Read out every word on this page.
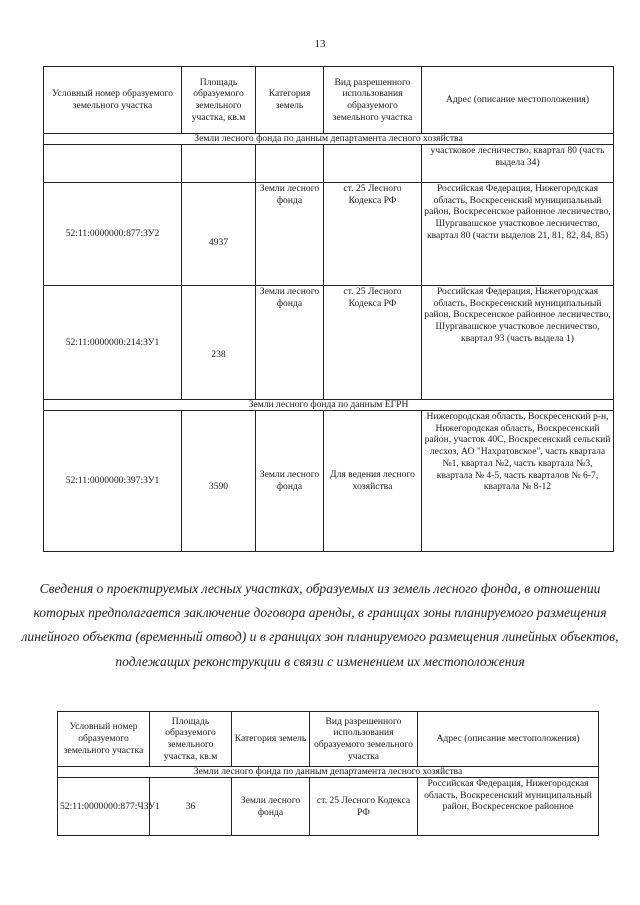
13
Условный номер образуемого земельного участка	Площадь образуемого земельного участка, кв.м	Категория земель	Вид разрешенного использования образуемого земельного участка	Адрес (описание местоположения)
Земли лесного фонда по данным департамента лесного хозяйства				
				участковое лесничество, квартал 80 (часть выдела 34)
52:11:0000000:877:ЗУ2	4937	Земли лесного фонда	ст. 25 Лесного Кодекса РФ	Российская Федерация, Нижегородская область, Воскресенский муниципальный район, Воскресенское районное лесничество, Шургавашское участковое лесничество, квартал 80 (части выделов 21, 81, 82, 84, 85)
52:11:0000000:214:ЗУ1	238	Земли лесного фонда	ст. 25 Лесного Кодекса РФ	Российская Федерация, Нижегородская область, Воскресенский муниципальный район, Воскресенское районное лесничество, Шургавашское участковое лесничество, квартал 93 (часть выдела 1)
Земли лесного фонда по данным ЕГРН				
52:11:0000000:397:ЗУ1	3590	Земли лесного фонда	Для ведения лесного хозяйства	Нижегородская область, Воскресенский р-н, Нижегородская область, Воскресенский район, участок 40С, Воскресенский сельский лесхоз, АО "Нахратовское", часть квартала №1, квартал №2, часть квартала №3, квартала № 4-5, часть кварталов № 6-7, квартала № 8-12
Сведения о проектируемых лесных участках, образуемых из земель лесного фонда, в отношении которых предполагается заключение договора аренды, в границах зоны планируемого размещения линейного объекта (временный отвод) и в границах зон планируемого размещения линейных объектов, подлежащих реконструкции в связи с изменением их местоположения
Условный номер образуемого земельного участка	Площадь образуемого земельного участка, кв.м	Категория земель	Вид разрешенного использования образуемого земельного участка	Адрес (описание местоположения)
Земли лесного фонда по данным департамента лесного хозяйства				
52:11:0000000:877:ЧЗУ1	36	Земли лесного фонда	ст. 25 Лесного Кодекса РФ	Российская Федерация, Нижегородская область, Воскресенский муниципальный район, Воскресенское районное
